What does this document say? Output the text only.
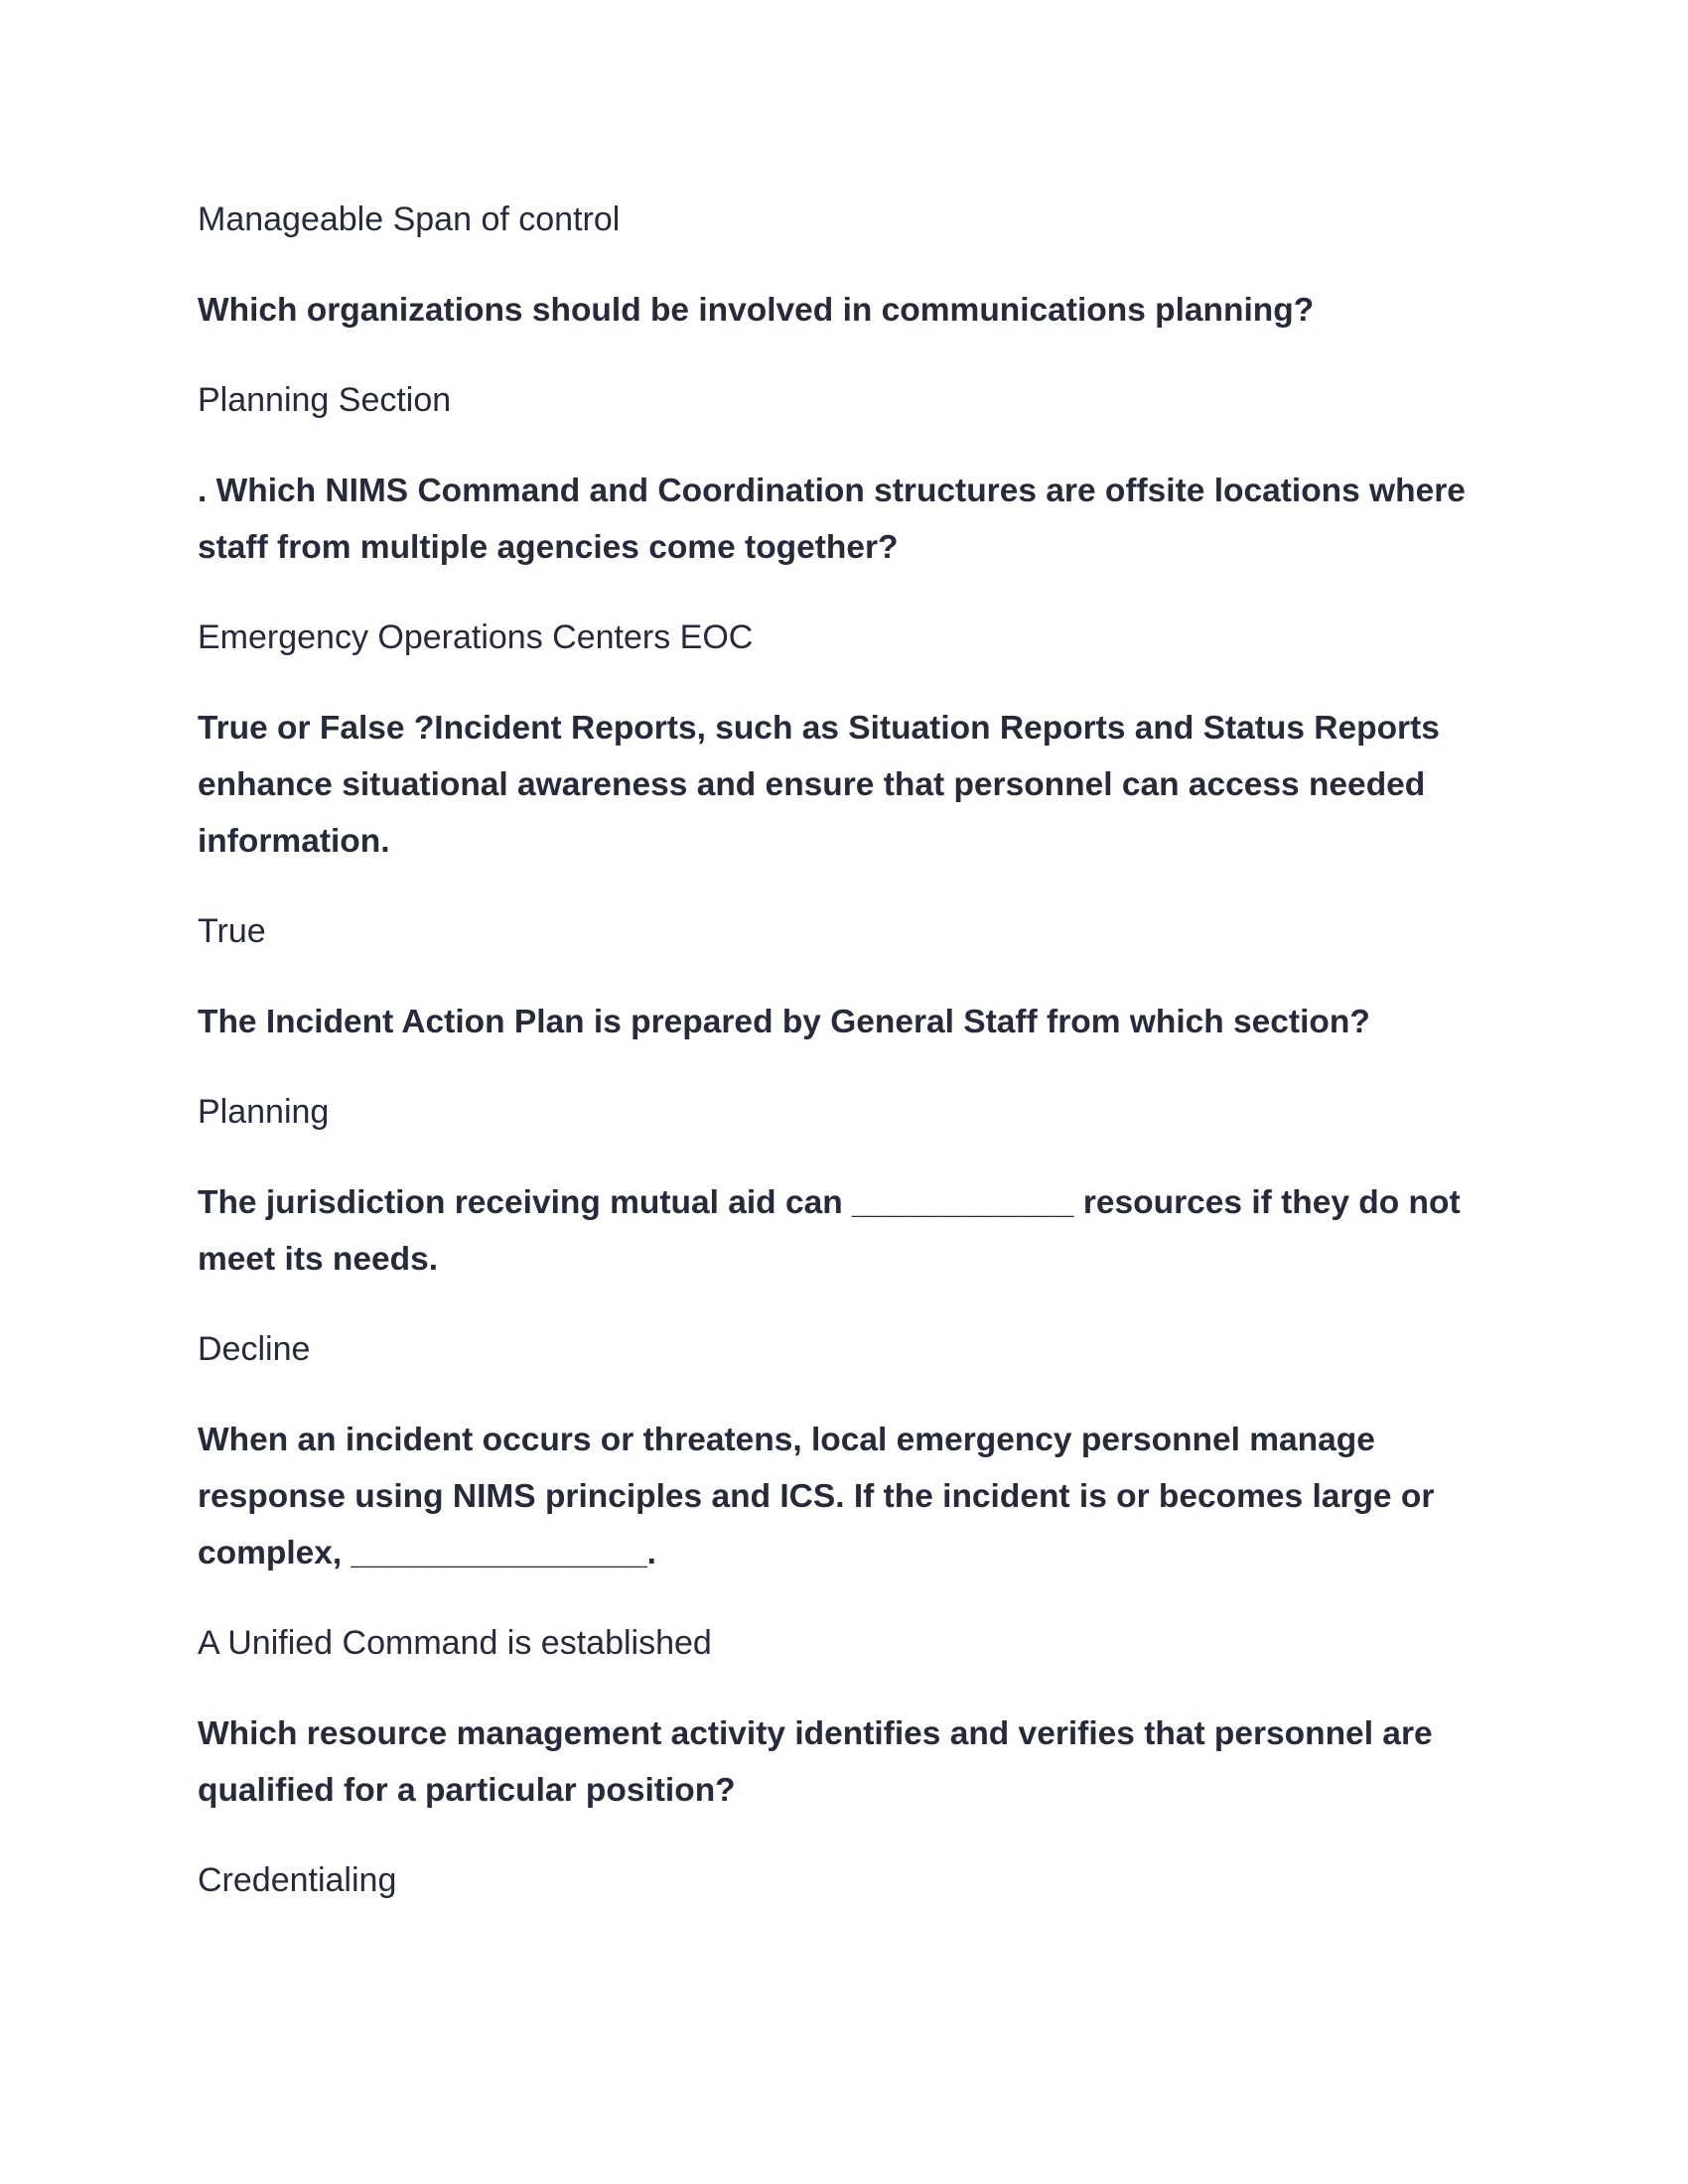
Manageable Span of control

Which organizations should be involved in communications planning?

Planning Section

. Which NIMS Command and Coordination structures are offsite locations where staff from multiple agencies come together?

Emergency Operations Centers EOC

True or False ?Incident Reports, such as Situation Reports and Status Reports enhance situational awareness and ensure that personnel can access needed information.

True

The Incident Action Plan is prepared by General Staff from which section?

Planning

The jurisdiction receiving mutual aid can ____________ resources if they do not meet its needs.

Decline

When an incident occurs or threatens, local emergency personnel manage response using NIMS principles and ICS. If the incident is or becomes large or complex, ________________.

A Unified Command is established

Which resource management activity identifies and verifies that personnel are qualified for a particular position?

Credentialing
